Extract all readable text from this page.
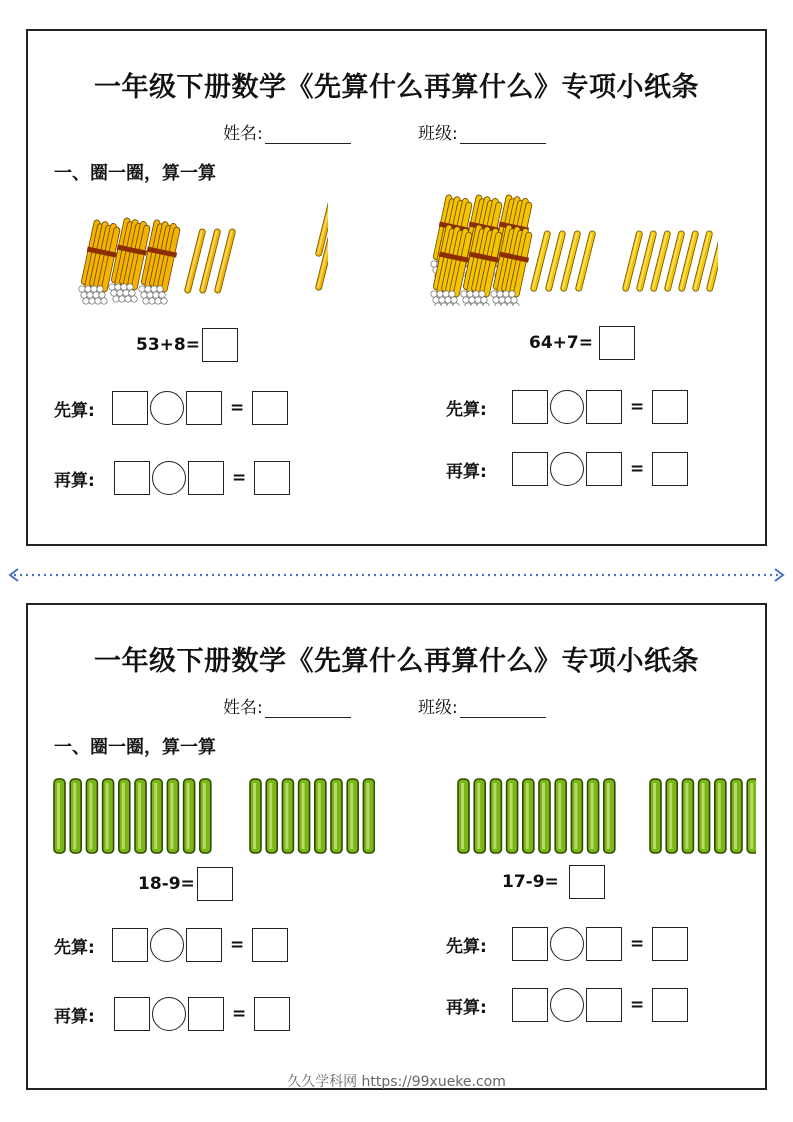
一年级下册数学《先算什么再算什么》专项小纸条
姓名:	班级:
一、圈一圈，算一算
53+8=	64+7=
先算:	=	先算:	=
再算:	=	再算:	=
一年级下册数学《先算什么再算什么》专项小纸条
姓名:	班级:
一、圈一圈，算一算
18-9=	17-9=
先算:	=	先算:	=
再算:	=	再算:	=
久久学科网 https://99xueke.com
